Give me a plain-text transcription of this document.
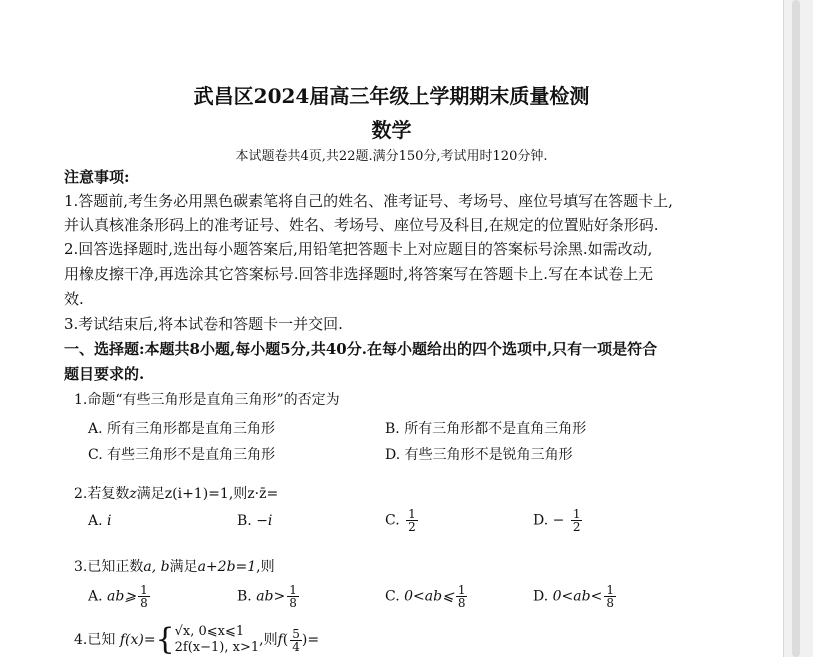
武昌区2024届高三年级上学期期末质量检测
数学
本试题卷共4页,共22题.满分150分,考试用时120分钟.
注意事项:
1.答题前,考生务必用黑色碳素笔将自己的姓名、准考证号、考场号、座位号填写在答题卡上,
并认真核准条形码上的准考证号、姓名、考场号、座位号及科目,在规定的位置贴好条形码.
2.回答选择题时,选出每小题答案后,用铅笔把答题卡上对应题目的答案标号涂黑.如需改动,
用橡皮擦干净,再选涂其它答案标号.回答非选择题时,将答案写在答题卡上.写在本试卷上无
效.
3.考试结束后,将本试卷和答题卡一并交回.
一、选择题:本题共8小题,每小题5分,共40分.在每小题给出的四个选项中,只有一项是符合
题目要求的.
1.命题“有些三角形是直角三角形”的否定为
A. 所有三角形都是直角三角形	B. 所有三角形都不是直角三角形
C. 有些三角形不是直角三角形	D. 有些三角形不是锐角三角形
2.若复数z满足z(i+1)=1,则z·z̄=
A. i	B. −i	C. $\frac{1}{2}$	D. − $\frac{1}{2}$
3.已知正数a, b满足a+2b=1,则
A. ab⩾ $\frac{1}{8}$	B. $ab> \frac{1}{8}$	C. 0<ab⩽ $\frac{1}{8}$	D. $0<ab< \frac{1}{8}$
4.已知 f(x)={ √x, 0⩽x⩽1
2f(x−1), x>1 ,则$f( \frac{5}{4}$ )=
